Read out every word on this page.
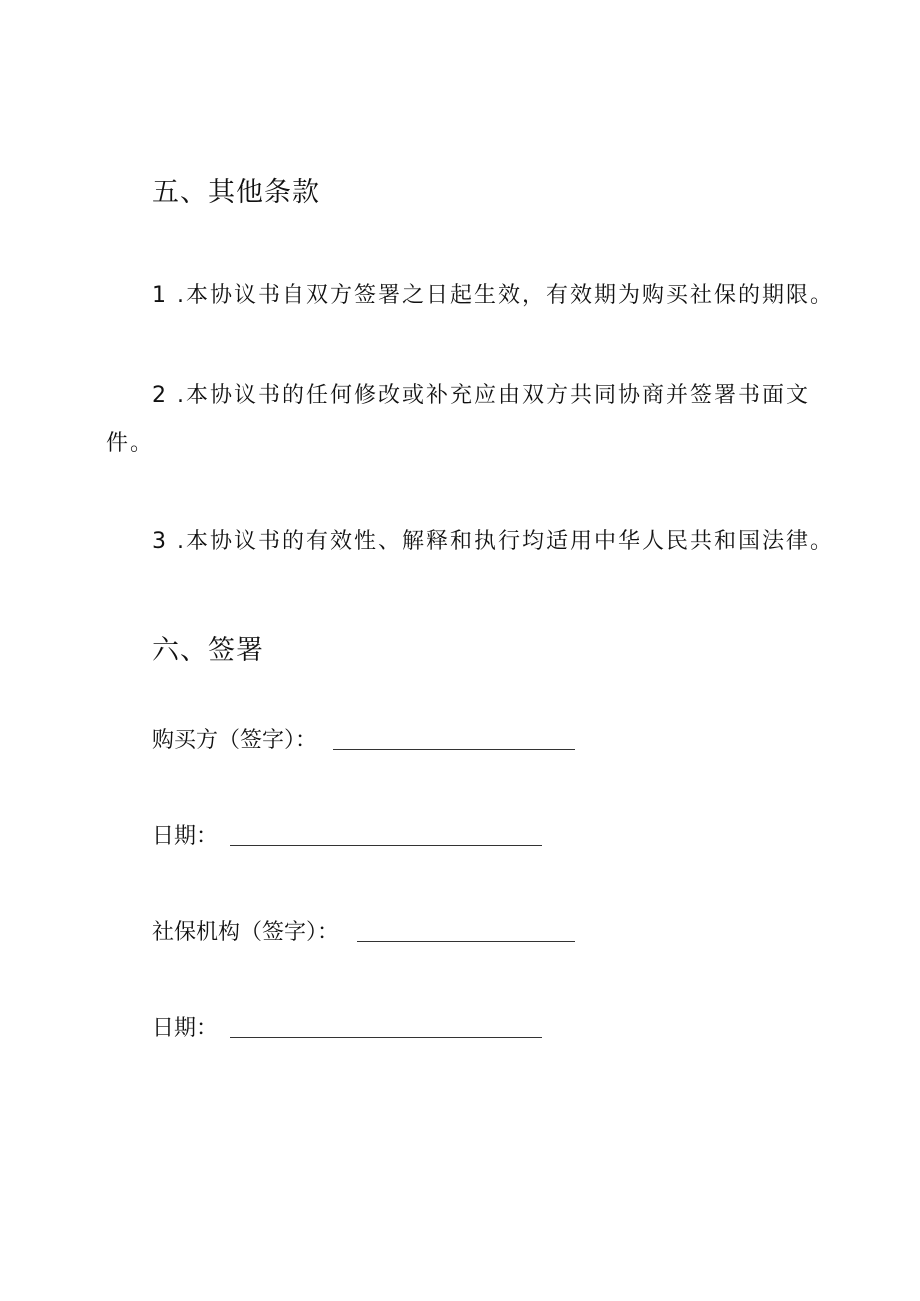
五、其他条款
1 .本协议书自双方签署之日起生效，有效期为购买社保的期限。
2 .本协议书的任何修改或补充应由双方共同协商并签署书面文
件。
3 .本协议书的有效性、解释和执行均适用中华人民共和国法律。
六、签署
购买方（签字）：
日期：
社保机构（签字）：
日期：
